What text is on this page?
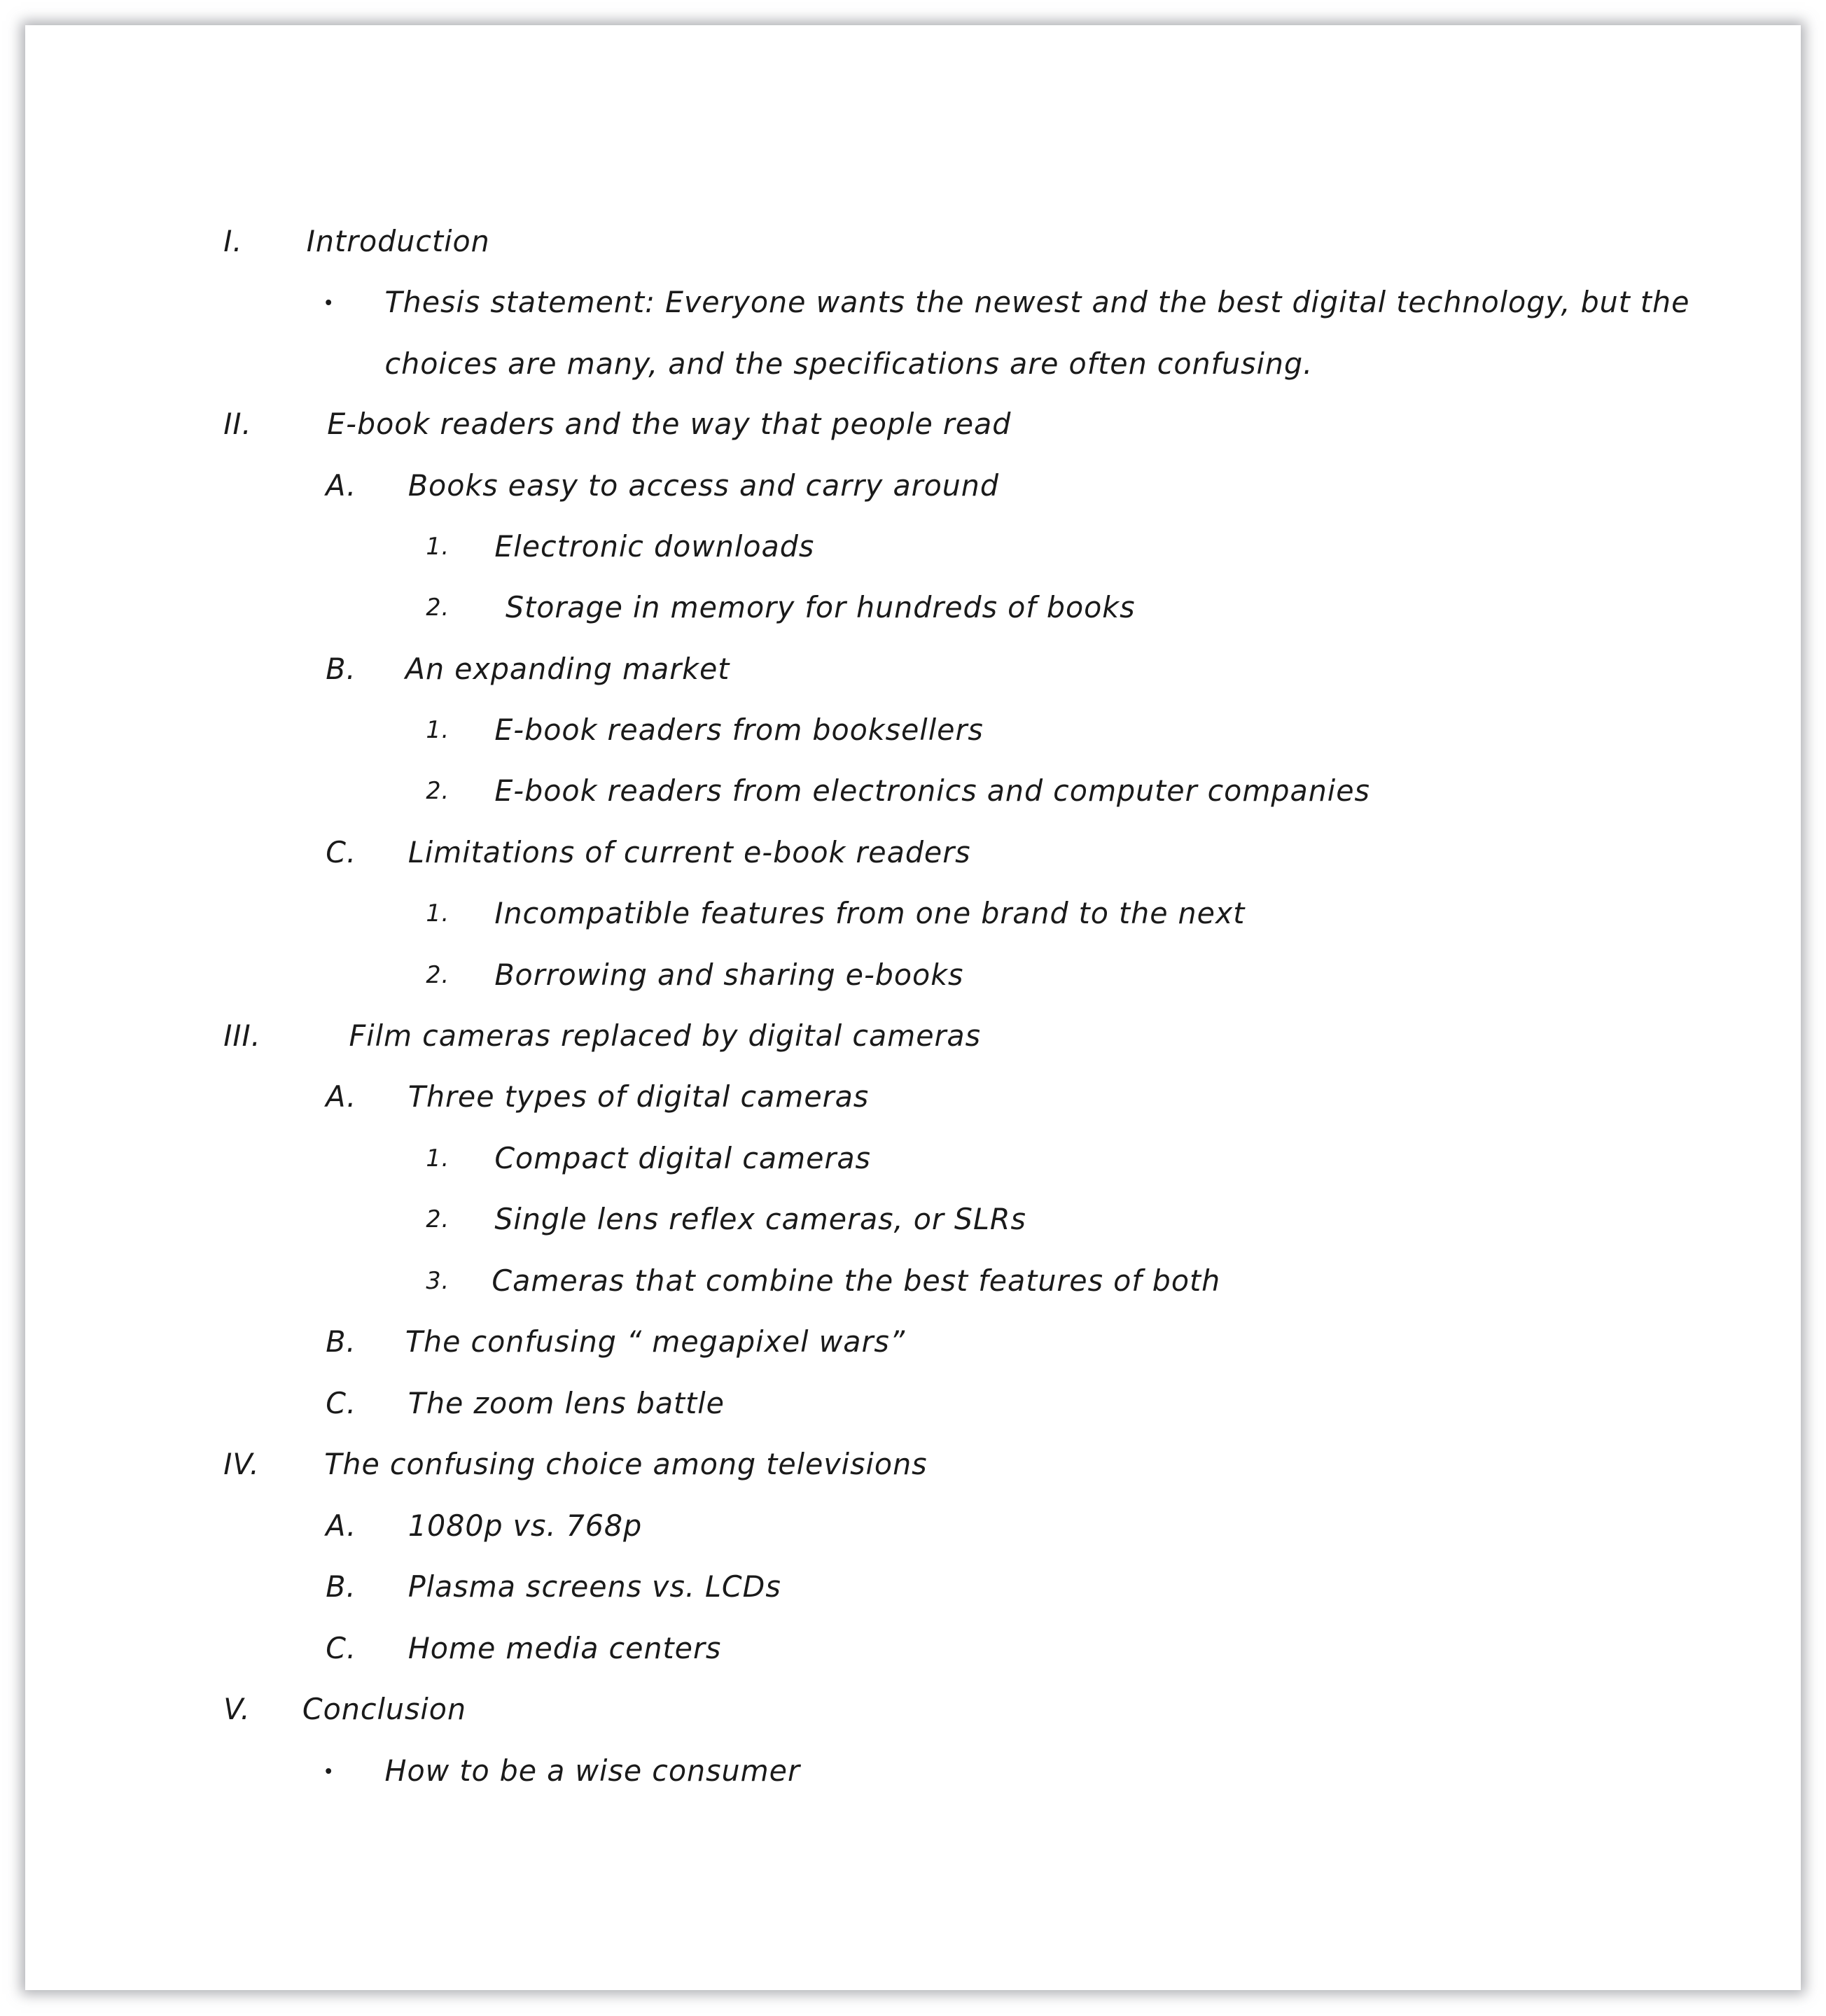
I. Introduction
Thesis statement: Everyone wants the newest and the best digital technology, but the
choices are many, and the specifications are often confusing.
II.	E-book readers and the way that people read
A. Books easy to access and carry around
1. Electronic downloads
2. Storage in memory for hundreds of books
B. An expanding market
1. E-book readers from booksellers
2. E-book readers from electronics and computer companies
C. Limitations of current e-book readers
1. Incompatible features from one brand to the next
2. Borrowing and sharing e-books
III.	Film cameras replaced by digital cameras
A. Three types of digital cameras
1. Compact digital cameras
2. Single lens reflex cameras, or SLRs
3. Cameras that combine the best features of both
B. The confusing “ megapixel wars”
C. The zoom lens battle
IV. The confusing choice among televisions
A. 1080p vs. 768p
B. Plasma screens vs. LCDs
C. Home media centers
V. Conclusion
How to be a wise consumer
